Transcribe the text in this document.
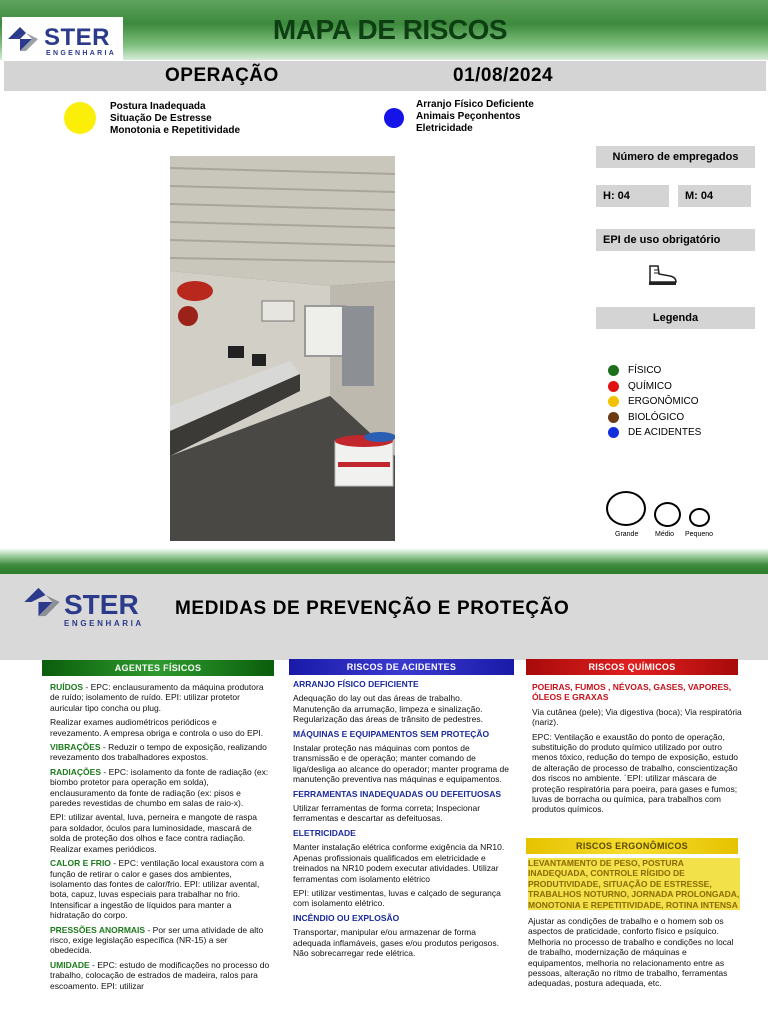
STER
ENGENHARIA
MAPA DE RISCOS
OPERAÇÃO	01/08/2024
Postura Inadequada
Situação De Estresse
Monotonia e Repetitividade
Arranjo Físico Deficiente
Animais Peçonhentos
Eletricidade
Número de empregados
H: 04	M: 04
EPI de uso obrigatório
Legenda
FÍSICO
QUÍMICO
ERGONÔMICO
BIOLÓGICO
DE ACIDENTES
Grande Médio Pequeno
STER
ENGENHARIA
MEDIDAS DE PREVENÇÃO E PROTEÇÃO
AGENTES FÍSICOS

RUÍDOS - EPC: enclausuramento da máquina produtora de ruído; isolamento de ruído. EPI: utilizar protetor auricular tipo concha ou plug.

Realizar exames audiométricos periódicos e revezamento. A empresa obriga e controla o uso do EPI.

VIBRAÇÕES - Reduzir o tempo de exposição, realizando revezamento dos trabalhadores expostos.

RADIAÇÕES - EPC: isolamento da fonte de radiação (ex: biombo protetor para operação em solda), enclausuramento da fonte de radiação (ex: pisos e paredes revestidas de chumbo em salas de raio-x).

EPI: utilizar avental, luva, perneira e mangote de raspa para soldador, óculos para luminosidade, mascará de solda de proteção dos olhos e face contra radiação. Realizar exames periódicos.

CALOR E FRIO - EPC: ventilação local exaustora com a função de retirar o calor e gases dos ambientes, isolamento das fontes de calor/frio. EPI: utilizar avental, bota, capuz, luvas especiais para trabalhar no frio. Intensificar a ingestão de líquidos para manter a hidratação do corpo.

PRESSÕES ANORMAIS - Por ser uma atividade de alto risco, exige legislação específica (NR-15) a ser obedecida.

UMIDADE - EPC: estudo de modificações no processo do trabalho, colocação de estrados de madeira, ralos para escoamento. EPI: utilizar

RISCOS DE ACIDENTES

ARRANJO FÍSICO DEFICIENTE

Adequação do lay out das áreas de trabalho. Manutenção da arrumação, limpeza e sinalização. Regularização das áreas de trânsito de pedestres.

MÁQUINAS E EQUIPAMENTOS SEM PROTEÇÃO

Instalar proteção nas máquinas com pontos de transmissão e de operação; manter comando de liga/desliga ao alcance do operador; manter programa de manutenção preventiva nas máquinas e equipamentos.

FERRAMENTAS INADEQUADAS OU DEFEITUOSAS

Utilizar ferramentas de forma correta; Inspecionar ferramentas e descartar as defeituosas.

ELETRICIDADE

Manter instalação elétrica conforme exigência da NR10. Apenas profissionais qualificados em eletricidade e treinados na NR10 podem executar atividades. Utilizar ferramentas com isolamento elétrico

EPI: utilizar vestimentas, luvas e calçado de segurança com isolamento elétrico.

INCÊNDIO OU EXPLOSÃO

Transportar, manipular e/ou armazenar de forma adequada inflamáveis, gases e/ou produtos perigosos. Não sobrecarregar rede elétrica.

RISCOS QUÍMICOS

POEIRAS, FUMOS , NÉVOAS, GASES, VAPORES, ÓLEOS E GRAXAS

Via cutânea (pele); Via digestiva (boca); Via respiratória (nariz).

EPC: Ventilação e exaustão do ponto de operação, substituição do produto químico utilizado por outro menos tóxico, redução do tempo de exposição, estudo de alteração de processo de trabalho, conscientização dos riscos no ambiente. ´EPI: utilizar máscara de proteção respiratória para poeira, para gases e fumos; luvas de borracha ou química, para trabalhos com produtos químicos.

RISCOS ERGONÔMICOS

LEVANTAMENTO DE PESO, POSTURA INADEQUADA, CONTROLE RÍGIDO DE PRODUTIVIDADE, SITUAÇÃO DE ESTRESSE, TRABALHOS NOTURNO, JORNADA PROLONGADA, MONOTONIA E REPETITIVIDADE, ROTINA INTENSA

Ajustar as condições de trabalho e o homem sob os aspectos de praticidade, conforto físico e psíquico. Melhoria no processo de trabalho e condições no local de trabalho, modernização de máquinas e equipamentos, melhoria no relacionamento entre as pessoas, alteração no ritmo de trabalho, ferramentas adequadas, postura adequada, etc.
